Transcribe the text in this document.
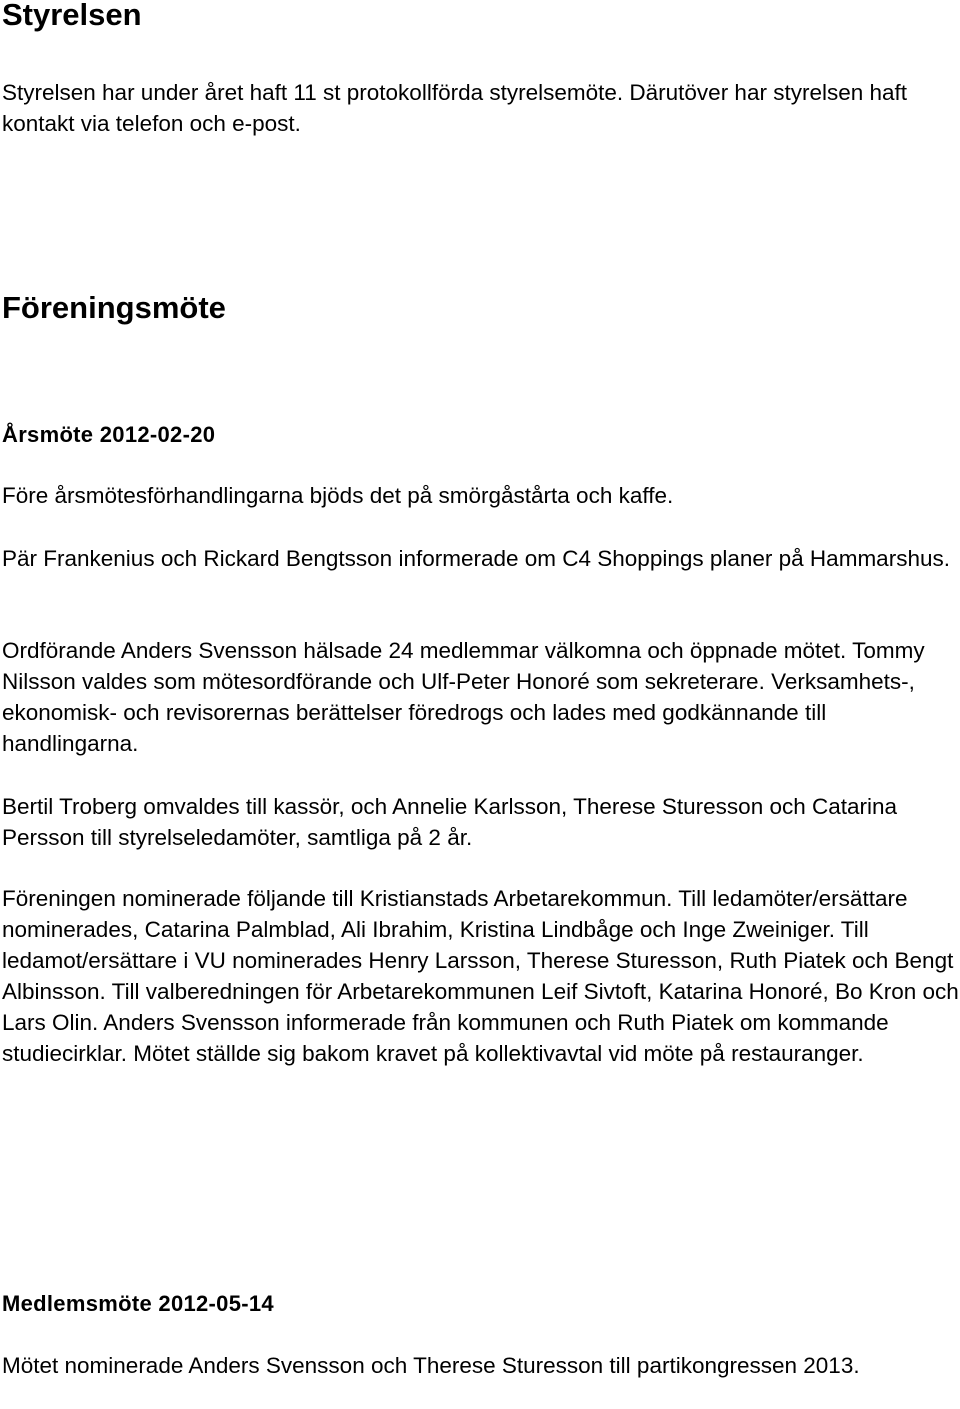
Styrelsen

Styrelsen har under året haft 11 st protokollförda styrelsemöte. Därutöver har styrelsen haft kontakt via telefon och e-post.

Föreningsmöte
Årsmöte 2012-02-20

Före årsmötesförhandlingarna bjöds det på smörgåstårta och kaffe.

Pär Frankenius och Rickard Bengtsson informerade om C4 Shoppings planer på Hammarshus.

Ordförande Anders Svensson hälsade 24 medlemmar välkomna och öppnade mötet. Tommy Nilsson valdes som mötesordförande och Ulf-Peter Honoré som sekreterare. Verksamhets-, ekonomisk- och revisorernas berättelser föredrogs och lades med godkännande till handlingarna.

Bertil Troberg omvaldes till kassör, och Annelie Karlsson, Therese Sturesson och Catarina Persson till styrelseledamöter, samtliga på 2 år.

Föreningen nominerade följande till Kristianstads Arbetarekommun. Till ledamöter/ersättare nominerades, Catarina Palmblad, Ali Ibrahim, Kristina Lindbåge och Inge Zweiniger. Till ledamot/ersättare i VU nominerades Henry Larsson, Therese Sturesson, Ruth Piatek och Bengt Albinsson. Till valberedningen för Arbetarekommunen Leif Sivtoft, Katarina Honoré, Bo Kron och Lars Olin. Anders Svensson informerade från kommunen och Ruth Piatek om kommande studiecirklar. Mötet ställde sig bakom kravet på kollektivavtal vid möte på restauranger.

Medlemsmöte 2012-05-14

Mötet nominerade Anders Svensson och Therese Sturesson till partikongressen 2013.
